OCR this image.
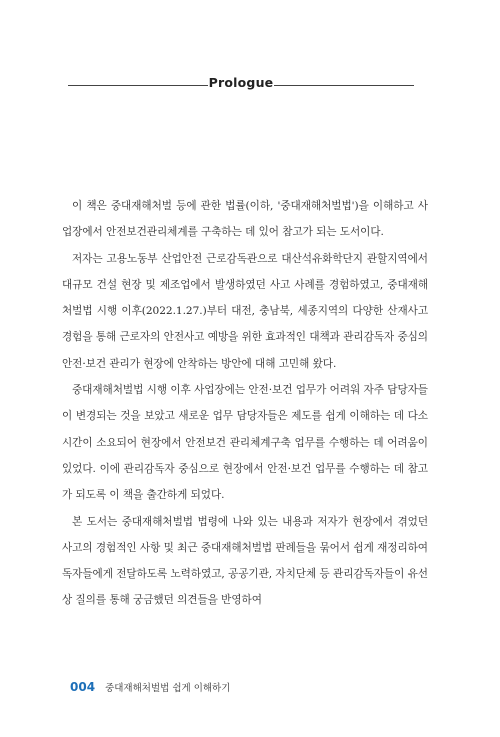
Prologue

이 책은 중대재해처벌 등에 관한 법률(이하, '중대재해처벌법')을 이해하고 사업장에서 안전보건관리체계를 구축하는 데 있어 참고가 되는 도서이다.

저자는 고용노동부 산업안전 근로감독관으로 대산석유화학단지 관할지역에서 대규모 건설 현장 및 제조업에서 발생하였던 사고 사례를 경험하였고, 중대재해처벌법 시행 이후(2022.1.27.)부터 대전, 충남북, 세종지역의 다양한 산재사고 경험을 통해 근로자의 안전사고 예방을 위한 효과적인 대책과 관리감독자 중심의 안전·보건 관리가 현장에 안착하는 방안에 대해 고민해 왔다.

중대재해처벌법 시행 이후 사업장에는 안전·보건 업무가 어려워 자주 담당자들이 변경되는 것을 보았고 새로운 업무 담당자들은 제도를 쉽게 이해하는 데 다소 시간이 소요되어 현장에서 안전보건 관리체계구축 업무를 수행하는 데 어려움이 있었다. 이에 관리감독자 중심으로 현장에서 안전·보건 업무를 수행하는 데 참고가 되도록 이 책을 출간하게 되었다.

본 도서는 중대재해처벌법 법령에 나와 있는 내용과 저자가 현장에서 겪었던 사고의 경험적인 사항 및 최근 중대재해처벌법 판례들을 묶어서 쉽게 재정리하여 독자들에게 전달하도록 노력하였고, 공공기관, 자치단체 등 관리감독자들이 유선상 질의를 통해 궁금했던 의견들을 반영하여

004 중대재해처벌법 쉽게 이해하기
